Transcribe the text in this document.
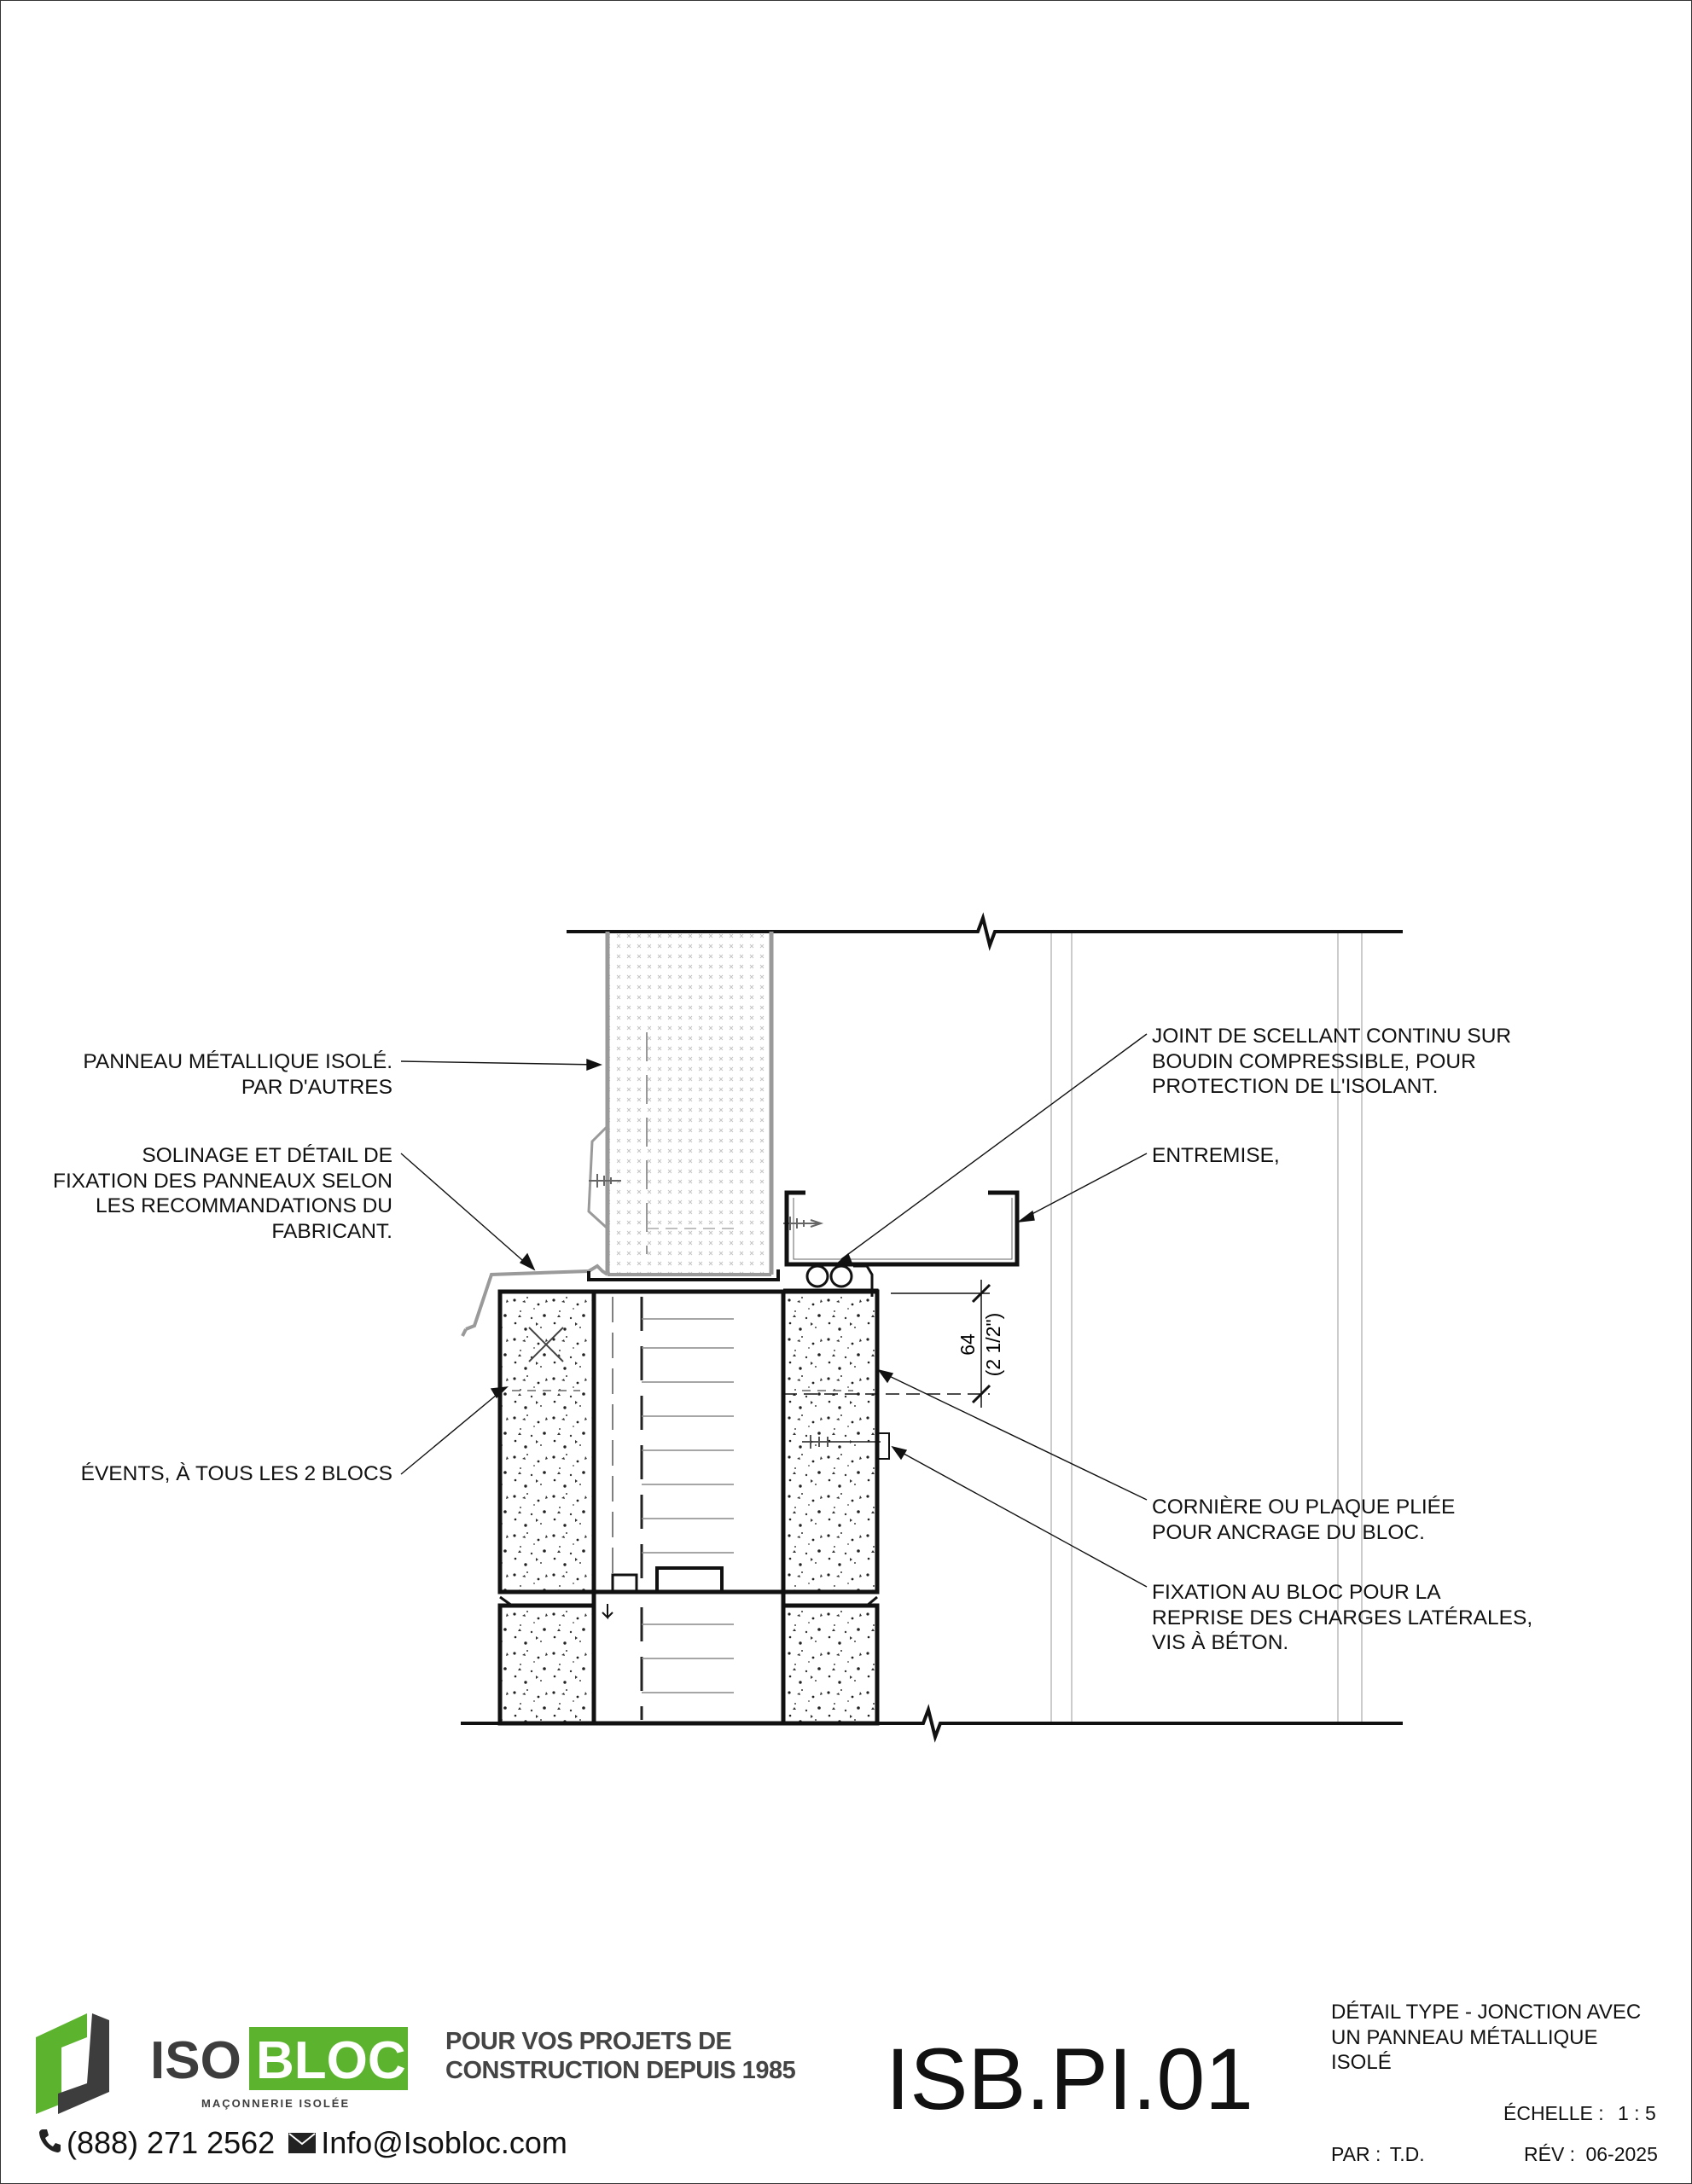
64 (2 1/2")
PANNEAU MÉTALLIQUE ISOLÉ.
PAR D'AUTRES
SOLINAGE ET DÉTAIL DE
FIXATION DES PANNEAUX SELON
LES RECOMMANDATIONS DU
FABRICANT.
ÉVENTS, À TOUS LES 2 BLOCS
JOINT DE SCELLANT CONTINU SUR
BOUDIN COMPRESSIBLE, POUR
PROTECTION DE L'ISOLANT.
ENTREMISE,
CORNIÈRE OU PLAQUE PLIÉE
POUR ANCRAGE DU BLOC.
FIXATION AU BLOC POUR LA
REPRISE DES CHARGES LATÉRALES,
VIS À BÉTON.
ISO BLOC
MAÇONNERIE ISOLÉE
POUR VOS PROJETS DE
CONSTRUCTION DEPUIS 1985
(888) 271 2562 Info@Isobloc.com
ISB.PI.01
DÉTAIL TYPE - JONCTION AVEC
UN PANNEAU MÉTALLIQUE
ISOLÉ
ÉCHELLE : 1 : 5
PAR : T.D.	RÉV : 06-2025
